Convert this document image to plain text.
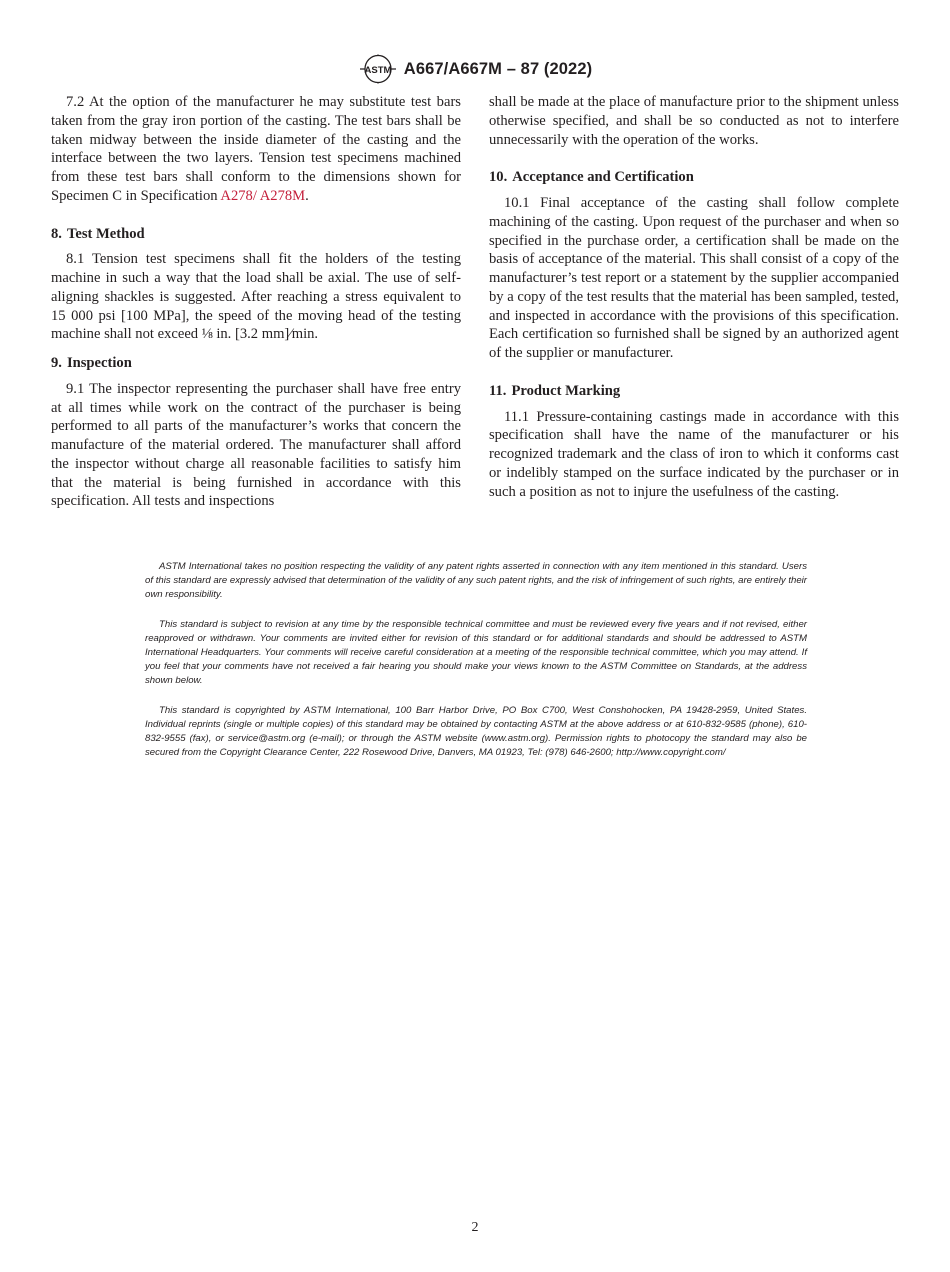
ASTM A667/A667M – 87 (2022)

7.2 At the option of the manufacturer he may substitute test bars taken from the gray iron portion of the casting. The test bars shall be taken midway between the inside diameter of the casting and the interface between the two layers. Tension test specimens machined from these test bars shall conform to the dimensions shown for Specimen C in Specification A278/ A278M.

8. Test Method

8.1 Tension test specimens shall fit the holders of the testing machine in such a way that the load shall be axial. The use of self-aligning shackles is suggested. After reaching a stress equivalent to 15 000 psi [100 MPa], the speed of the moving head of the testing machine shall not exceed ⅛ in. [3.2 mm]⁄min.

9. Inspection

9.1 The inspector representing the purchaser shall have free entry at all times while work on the contract of the purchaser is being performed to all parts of the manufacturer’s works that concern the manufacture of the material ordered. The manufacturer shall afford the inspector without charge all reasonable facilities to satisfy him that the material is being furnished in accordance with this specification. All tests and inspections

shall be made at the place of manufacture prior to the shipment unless otherwise specified, and shall be so conducted as not to interfere unnecessarily with the operation of the works.

10. Acceptance and Certification

10.1 Final acceptance of the casting shall follow complete machining of the casting. Upon request of the purchaser and when so specified in the purchase order, a certification shall be made on the basis of acceptance of the material. This shall consist of a copy of the manufacturer’s test report or a statement by the supplier accompanied by a copy of the test results that the material has been sampled, tested, and inspected in accordance with the provisions of this specification. Each certification so furnished shall be signed by an authorized agent of the supplier or manufacturer.

11. Product Marking

11.1 Pressure-containing castings made in accordance with this specification shall have the name of the manufacturer or his recognized trademark and the class of iron to which it conforms cast or indelibly stamped on the surface indicated by the purchaser or in such a position as not to injure the usefulness of the casting.

ASTM International takes no position respecting the validity of any patent rights asserted in connection with any item mentioned in this standard. Users of this standard are expressly advised that determination of the validity of any such patent rights, and the risk of infringement of such rights, are entirely their own responsibility.

This standard is subject to revision at any time by the responsible technical committee and must be reviewed every five years and if not revised, either reapproved or withdrawn. Your comments are invited either for revision of this standard or for additional standards and should be addressed to ASTM International Headquarters. Your comments will receive careful consideration at a meeting of the responsible technical committee, which you may attend. If you feel that your comments have not received a fair hearing you should make your views known to the ASTM Committee on Standards, at the address shown below.

This standard is copyrighted by ASTM International, 100 Barr Harbor Drive, PO Box C700, West Conshohocken, PA 19428-2959, United States. Individual reprints (single or multiple copies) of this standard may be obtained by contacting ASTM at the above address or at 610-832-9585 (phone), 610-832-9555 (fax), or service@astm.org (e-mail); or through the ASTM website (www.astm.org). Permission rights to photocopy the standard may also be secured from the Copyright Clearance Center, 222 Rosewood Drive, Danvers, MA 01923, Tel: (978) 646-2600; http://www.copyright.com/

2
